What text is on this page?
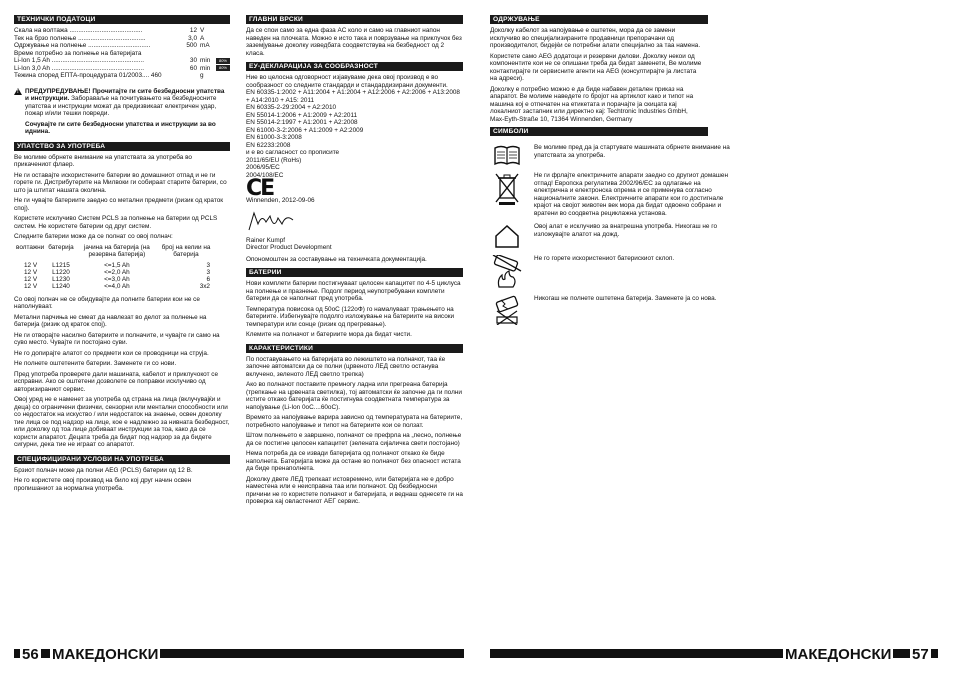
ТЕХНИЧКИ ПОДАТОЦИ
Скала на волтажа .........................................	12 V
Тек на брзо полнење ......................................	3,0 A
Одржување на полнење ...................................	500 mA
Време потребно за полнење на батеријата
Li-Ion 1,5 Ah ....................................................	30 min	80%
Li-Ion 3,0 Ah ....................................................	60 min	80%
Тежина според ЕПТА-процедурата 01/2003.... 460	g
! ПРЕДУПРЕДУВАЊЕ! Прочитајте ги сите безбедносни упатства и инструкции. Забораваље на почитувањето на безбедносните упатства и инструкции можат да предизвикаат електричен удар, пожар и/или тешки повреди.

Сочувајте ги сите безбедносни упатства и инструкции за во иднина.

УПАТСТВО ЗА УПОТРЕБА

Ве молиме обрнете внимание на упатствата за употреба во прикачениот флаер.

Не ги оставајте искористените батерии во домашниот отпад и не ги горете ги. Дистрибутерите на Милвоки ги собираат старите батерии, со што ја штитат нашата околина.

Не ги чувајте батериите заедно со метални предмети (ризик од краток спој).

Користете исклучиво Систем PCLS за полнење на батерии од PCLS систем. Не користете батерии од друг систем.

Следните батерии може да се полнат со овој полнач:

волтажни	батерија	јачина на батерија (на резервна батерија)	број на келии на батерија

12 V	L1215	<=1,5 Ah	3
12 V	L1220	<=2,0 Ah	3
12 V	L1230	<=3,0 Ah	6
12 V	L1240	<=4,0 Ah	3x2

Со овој полнач не се обидувајте да полните батерии кои не се наполнуваат.

Метални парчиња не смеат да навлезат во делот за полнење на батерија (ризик од краток спој).

Не ги отворајте насилно батериите и полначите, и чувајте ги само на суво место. Чувајте ги постојано суви.

Не го допирајте алатот со предмети кои се проводници на струја.

Не полнете оштетените батерии. Заменете ги со нови.

Пред употреба проверете дали машината, кабелот и приклучокот се исправни. Ако се оштетени дозволете се поправки исклучиво од авторизираниот сервис.

Овој уред не е наменет за употреба од страна на лица (вклучувајќи и деца) со ограничени физички, сензорни или ментални способности или со недостаток на искуство / или недостаток на знаење, освен доколку тие лица се под надзор на лице, кое е надлежно за нивната безбедност, или доколку од тоа лице добиваат инструкции за тоа, како да се користи апаратот. Децата треба да бидат под надзор за да бидете сигурни, дека тие не играат со апаратот.

СПЕЦИФИЦИРАНИ УСЛОВИ НА УПОТРЕБА

Брзиот полнач може да полни AEG (PCLS) батерии од 12 В.

Не го користете овој производ на било кој друг начин освен пропишаниот за нормална употреба.

ГЛАВНИ ВРСКИ

Да се спои само за една фаза AC коло и само на главниот напон наведен на плочката. Можно е исто така и поврзување на приклучок без заземјување доколку изведбата соодветствува на безбедност од 2 класа.

ЕУ-ДЕКЛАРАЦИЈА ЗА СООБРАЗНОСТ
Ние во целосна одговорност изјавуваме дека овој производ е во сообразност со следните стандарди и стандардизирани документи.
EN 60335-1:2002 + A11:2004 + A1:2004 + A12:2006 + A2:2006 + A13:2008 + A14:2010 + A15: 2011
EN 60335-2-29:2004 + A2:2010
EN 55014-1:2006 + A1:2009 + A2:2011
EN 55014-2:1997 + A1:2001 + A2:2008
EN 61000-3-2:2006 + A1:2009 + A2:2009
EN 61000-3-3:2008
EN 62233:2008
и е во сагласност со прописите
2011/65/EU (RoHs)
2006/95/EC
2004/108/EC
CE
Winnenden, 2012-09-06
Rainer Kumpf
Director Product Development

Опономоштен за составување на техничката документација.

БАТЕРИИ

Нови комплети батерии постигнуваат целосен капацитет по 4-5 циклуса на полнење и празнење. Подолг период неупотребувани комплети батерии да се наполнат пред употреба.

Температура повисока од 50оС (122оФ) го намалуваат трањењето на батериите. Избегнувајте подолго изложување на батериите на високи температури или сонце (ризик од прегревање).

Клемите на полначот и батериите мора да бидат чисти.

КАРАКТЕРИСТИКИ

По поставувањето на батеријата во лежиштето на полначот, таа ќе започне автоматски да се полни (црвеното ЛЕД светло останува вклучено, зеленото ЛЕД светло трепка)

Ако во полначот поставите премногу ладна или прегреана батерија (трепкање на црвената светилка), тој автоматски ќе започне да ги полни истите откако батеријата ќе постигнува соодветната температура за напојување (Li-Ion 0oC....60oC).

Времето за напојување варира зависно од температурата на батериите, потребното напојување и типот на батериите кои се ползат.

Штом полнењето е завршено, полначот се префрла на „песно„ полнење да се постигне целосен капацитет (зелената сијаличка свети постојано)

Нема потреба да се извади батеријата од полначот откако ќе биде наполнета. Батеријата може да остане во полначот без опасност истата да биде пренаполнета.

Доколку двете ЛЕД трепкаат истовремено, или батеријата не е добро наместена или е неисправна таа или полначот. Од безбедносни причини не го користете полначот и батеријата, и веднаш однесете ги на проверка кај овластениот АЕГ сервис.

ОДРЖУВАЊЕ

Доколку кабелот за напојување е оштетен, мора да се замени исклучиво во специјализираните продавници препорачани од производителот, бидејќи се потребни алати специјално за таа намена.

Користете само AEG додатоци и резервни делови. Доколку некои од компонентите кои не се опишани треба да бидат заменети, Ве молиме контактирајте ги сервисните агенти на AEG (консултирајте ја листата на адреси).

Доколку е потребно можно е да биде набавен детален приказ на апаратот. Ве молиме наведете го бројот на артиклот како и типот на машина кој е отпечатен на етикетата и порачајте ја скицата кај локалниот застапник или директно кај: Techtronic Industries GmbH, Max-Eyth-Straße 10, 71364 Winnenden, Germany

СИМБОЛИ
Ве молиме пред да ја стартувате машината обрнете внимание на упатствата за употреба.
Не ги фрлајте електричните апарати заедно со другиот домашен отпад! Европска регулатива 2002/96/ЕС за одлагање на електрична и електронска опрема и се применува согласно националните закони. Електричните апарати кои го достигнале крајот на својот животен век мора да бидат одвоено собрани и вратени во соодветна рециклажна установа.
Овој алат е исклучиво за внатрешна употреба. Никогаш не го изложувајте алатот на дожд.
Не го горете искористениот батерискиот склоп.
Никогаш не полнете оштетена батерија. Заменете ја со нова.
56 МАКЕДОНСКИ	МАКЕДОНСКИ 57
